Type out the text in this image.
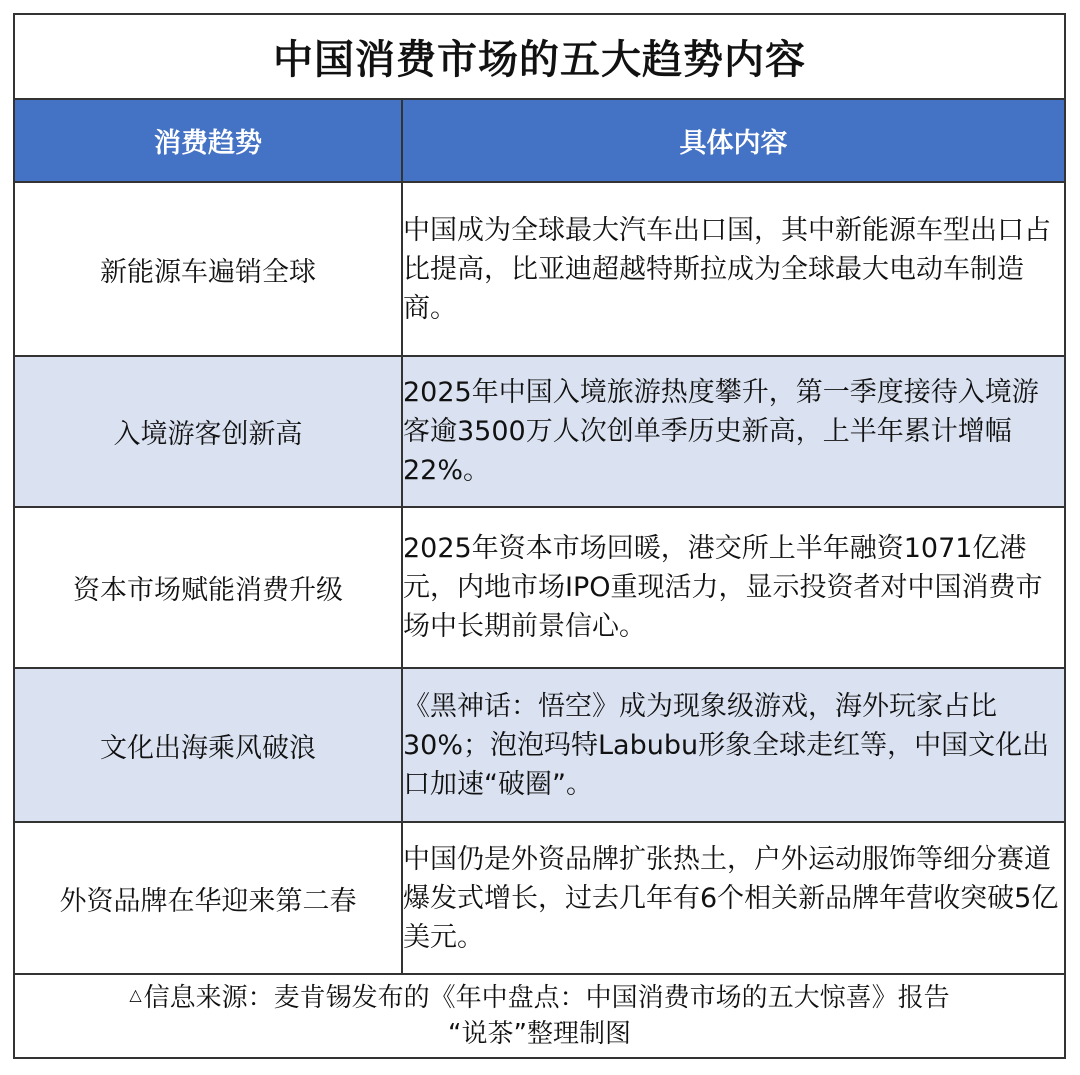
中国消费市场的五大趋势内容
消费趋势	具体内容
新能源车遍销全球	中国成为全球最大汽车出口国，其中新能源车型出口占比提高，比亚迪超越特斯拉成为全球最大电动车制造商。
入境游客创新高	2025年中国入境旅游热度攀升，第一季度接待入境游客逾3500万人次创单季历史新高，上半年累计增幅22%。
资本市场赋能消费升级	2025年资本市场回暖，港交所上半年融资1071亿港元，内地市场IPO重现活力，显示投资者对中国消费市场中长期前景信心。
文化出海乘风破浪	《黑神话：悟空》成为现象级游戏，海外玩家占比30%；泡泡玛特Labubu形象全球走红等，中国文化出口加速“破圈”。
外资品牌在华迎来第二春	中国仍是外资品牌扩张热土，户外运动服饰等细分赛道爆发式增长，过去几年有6个相关新品牌年营收突破5亿美元。
△信息来源：麦肯锡发布的《年中盘点：中国消费市场的五大惊喜》报告
“说茶”整理制图
